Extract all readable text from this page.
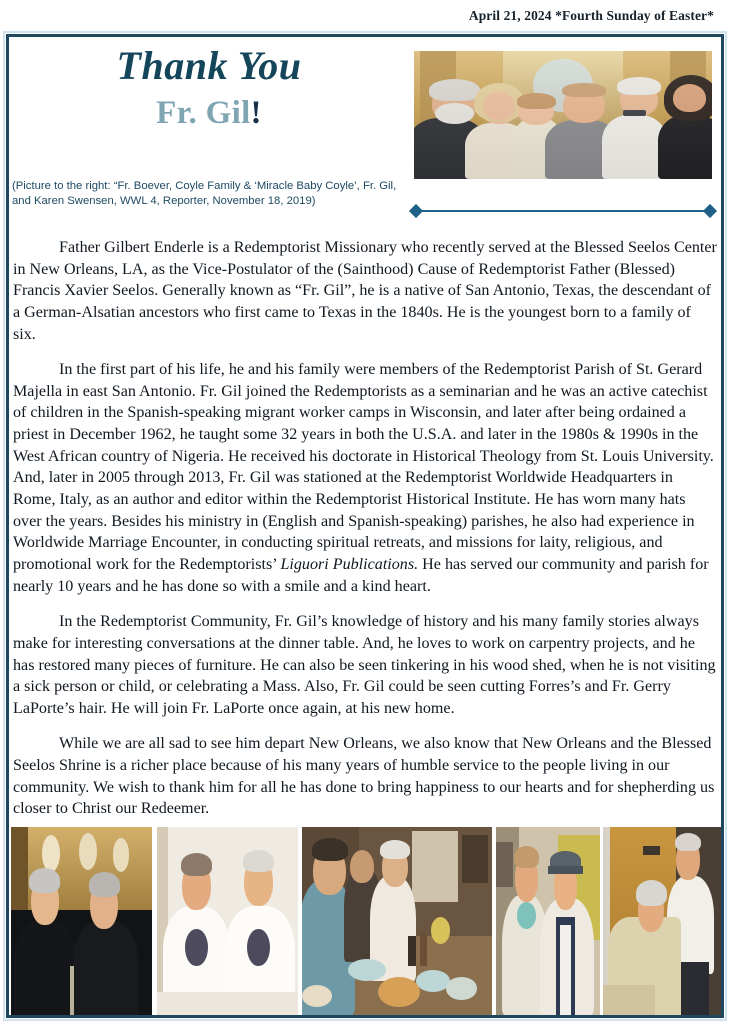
April 21, 2024 *Fourth Sunday of Easter*
Thank You
Fr. Gil!
(Picture to the right: “Fr. Boever, Coyle Family & ‘Miracle Baby Coyle’, Fr. Gil, and Karen Swensen, WWL 4, Reporter, November 18, 2019)

Father Gilbert Enderle is a Redemptorist Missionary who recently served at the Blessed Seelos Center in New Orleans, LA, as the Vice-Postulator of the (Sainthood) Cause of Redemptorist Father (Blessed) Francis Xavier Seelos. Generally known as “Fr. Gil”, he is a native of San Antonio, Texas, the descendant of a German-Alsatian ancestors who first came to Texas in the 1840s. He is the youngest born to a family of six.

In the first part of his life, he and his family were members of the Redemptorist Parish of St. Gerard Majella in east San Antonio. Fr. Gil joined the Redemptorists as a seminarian and he was an active catechist of children in the Spanish-speaking migrant worker camps in Wisconsin, and later after being ordained a priest in December 1962, he taught some 32 years in both the U.S.A. and later in the 1980s & 1990s in the West African country of Nigeria. He received his doctorate in Historical Theology from St. Louis University. And, later in 2005 through 2013, Fr. Gil was stationed at the Redemptorist Worldwide Headquarters in Rome, Italy, as an author and editor within the Redemptorist Historical Institute. He has worn many hats over the years. Besides his ministry in (English and Spanish-speaking) parishes, he also had experience in Worldwide Marriage Encounter, in conducting spiritual retreats, and missions for laity, religious, and promotional work for the Redemptorists’ Liguori Publications. He has served our community and parish for nearly 10 years and he has done so with a smile and a kind heart.

In the Redemptorist Community, Fr. Gil’s knowledge of history and his many family stories always make for interesting conversations at the dinner table. And, he loves to work on carpentry projects, and he has restored many pieces of furniture. He can also be seen tinkering in his wood shed, when he is not visiting a sick person or child, or celebrating a Mass. Also, Fr. Gil could be seen cutting Forres’s and Fr. Gerry LaPorte’s hair. He will join Fr. LaPorte once again, at his new home.

While we are all sad to see him depart New Orleans, we also know that New Orleans and the Blessed Seelos Shrine is a richer place because of his many years of humble service to the people living in our community. We wish to thank him for all he has done to bring happiness to our hearts and for shepherding us closer to Christ our Redeemer.
